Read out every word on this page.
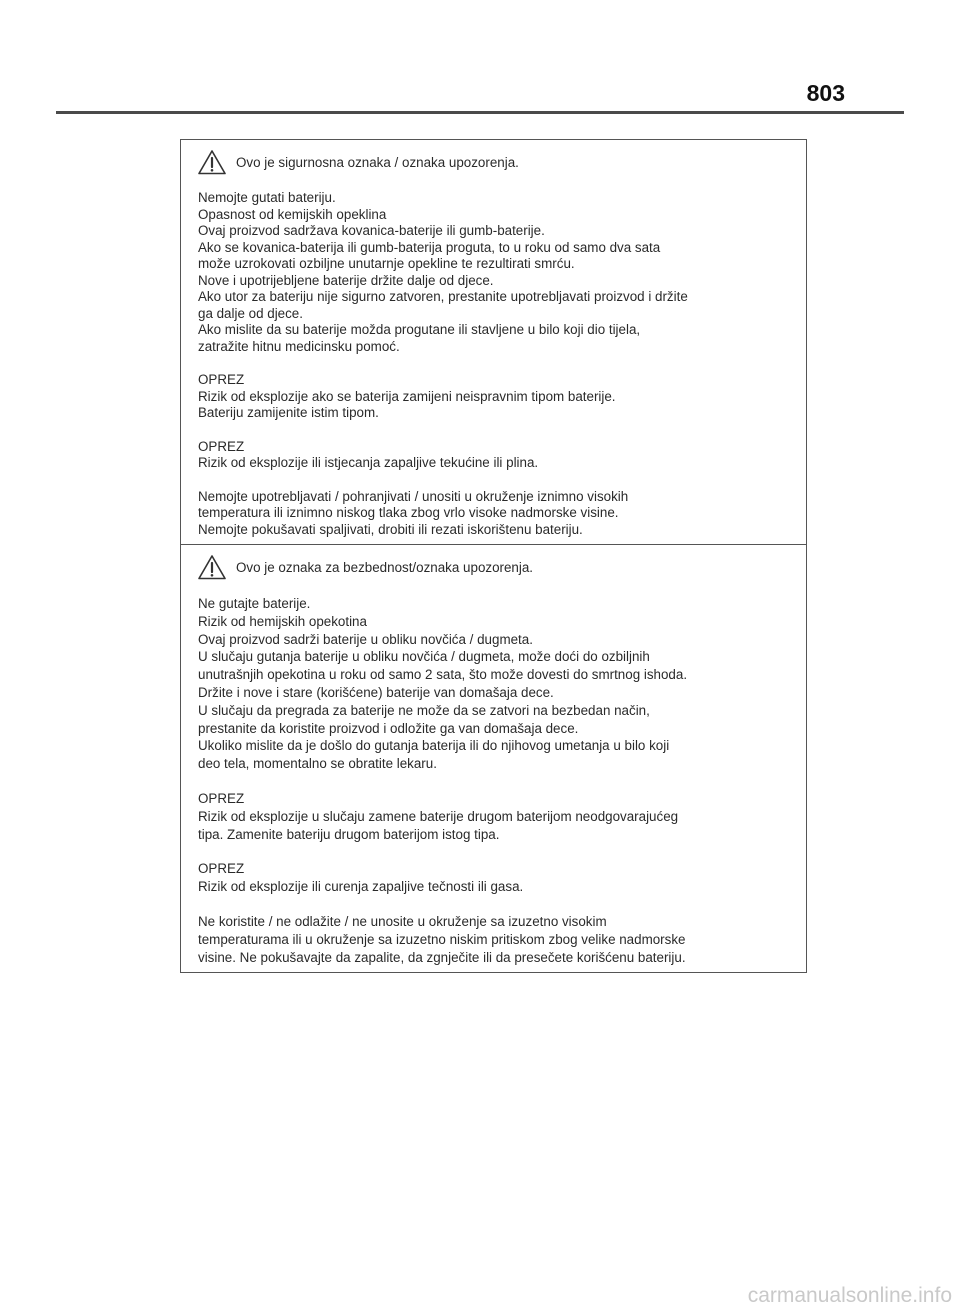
803
Ovo je sigurnosna oznaka / oznaka upozorenja.
Nemojte gutati bateriju.
Opasnost od kemijskih opeklina
Ovaj proizvod sadržava kovanica-baterije ili gumb-baterije.
Ako se kovanica-baterija ili gumb-baterija proguta, to u roku od samo dva sata
može uzrokovati ozbiljne unutarnje opekline te rezultirati smrću.
Nove i upotrijebljene baterije držite dalje od djece.
Ako utor za bateriju nije sigurno zatvoren, prestanite upotrebljavati proizvod i držite
ga dalje od djece.
Ako mislite da su baterije možda progutane ili stavljene u bilo koji dio tijela,
zatražite hitnu medicinsku pomoć.
OPREZ
Rizik od eksplozije ako se baterija zamijeni neispravnim tipom baterije.
Bateriju zamijenite istim tipom.
OPREZ
Rizik od eksplozije ili istjecanja zapaljive tekućine ili plina.
Nemojte upotrebljavati / pohranjivati / unositi u okruženje iznimno visokih
temperatura ili iznimno niskog tlaka zbog vrlo visoke nadmorske visine.
Nemojte pokušavati spaljivati, drobiti ili rezati iskorištenu bateriju.
Ovo je oznaka za bezbednost/oznaka upozorenja.
Ne gutajte baterije.
Rizik od hemijskih opekotina
Ovaj proizvod sadrži baterije u obliku novčića / dugmeta.
U slučaju gutanja baterije u obliku novčića / dugmeta, može doći do ozbiljnih
unutrašnjih opekotina u roku od samo 2 sata, što može dovesti do smrtnog ishoda.
Držite i nove i stare (korišćene) baterije van domašaja dece.
U slučaju da pregrada za baterije ne može da se zatvori na bezbedan način,
prestanite da koristite proizvod i odložite ga van domašaja dece.
Ukoliko mislite da je došlo do gutanja baterija ili do njihovog umetanja u bilo koji
deo tela, momentalno se obratite lekaru.
OPREZ
Rizik od eksplozije u slučaju zamene baterije drugom baterijom neodgovarajućeg
tipa. Zamenite bateriju drugom baterijom istog tipa.
OPREZ
Rizik od eksplozije ili curenja zapaljive tečnosti ili gasa.
Ne koristite / ne odlažite / ne unosite u okruženje sa izuzetno visokim
temperaturama ili u okruženje sa izuzetno niskim pritiskom zbog velike nadmorske
visine. Ne pokušavajte da zapalite, da zgnječite ili da presečete korišćenu bateriju.
carmanualsonline.info
